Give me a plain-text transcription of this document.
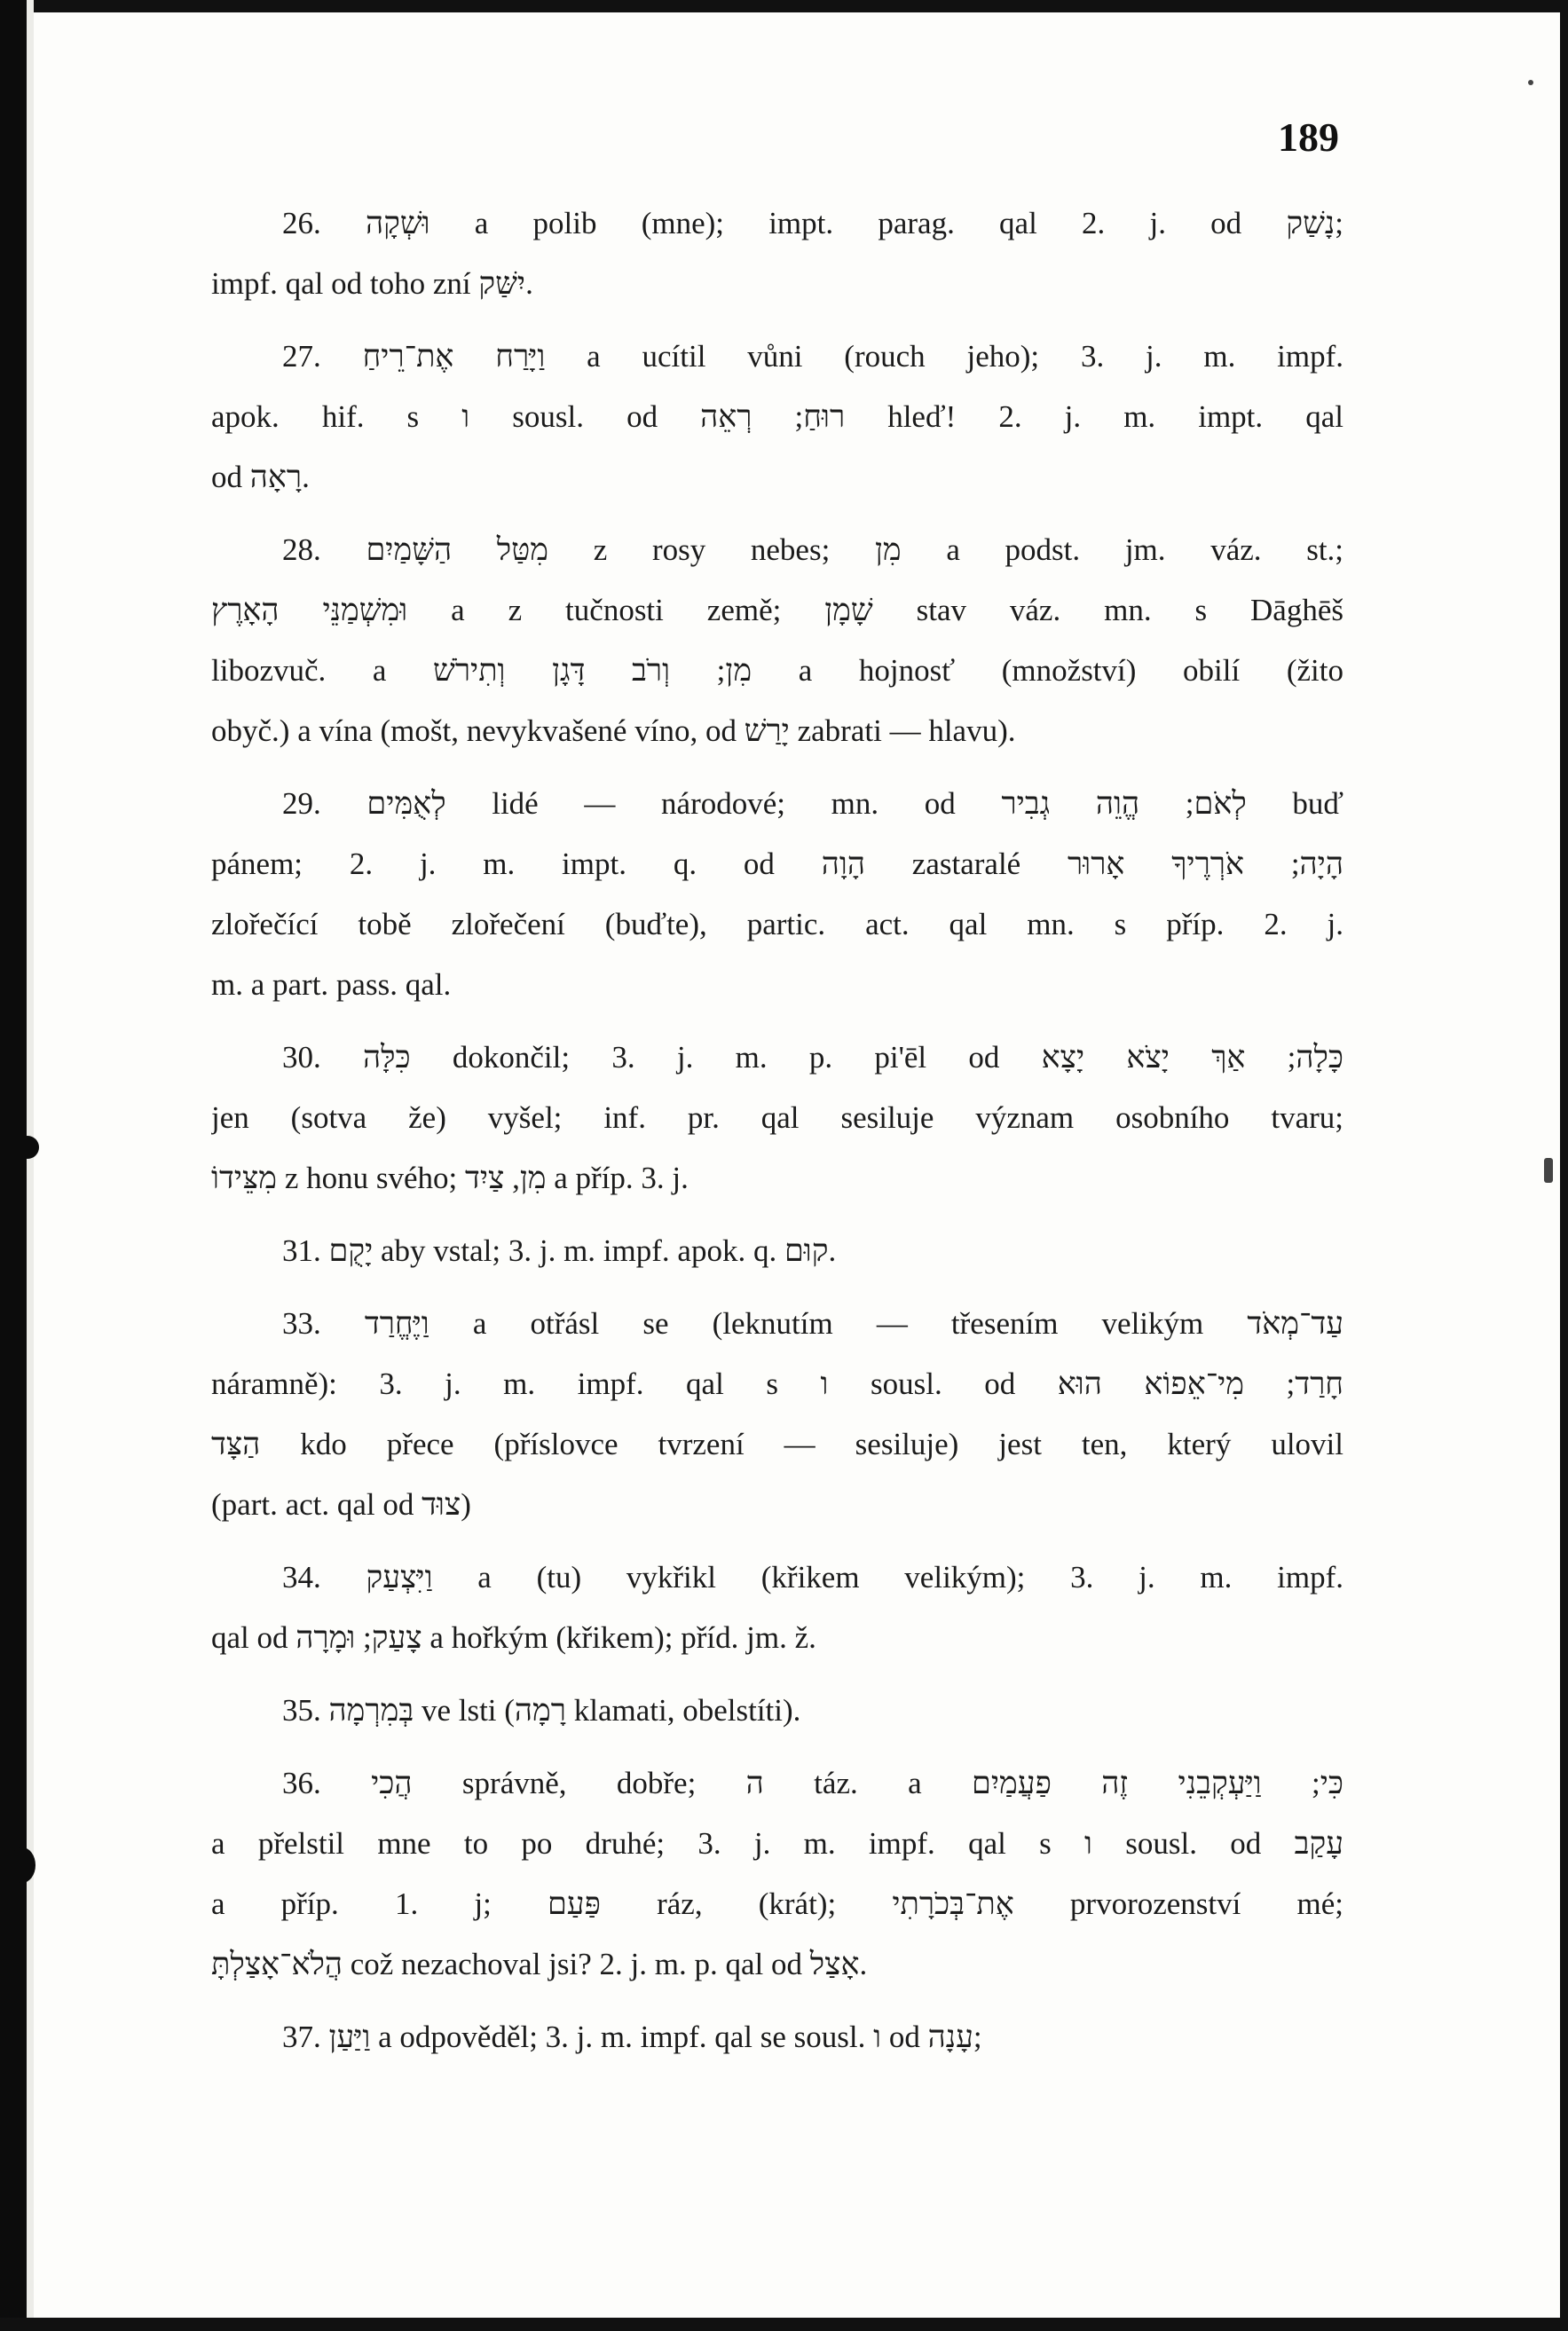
189
26. וּשְׁקָה a polib (mne); impt. parag. qal 2. j. od נָשַׁק;
impf. qal od toho zní יִשַּׁק.
27. וַיָּרַח אֶת־רֵיחַ a ucítil vůni (rouch jeho); 3. j. m. impf.
apok. hif. s ו sousl. od רוּחַ; רְאֵה hleď! 2. j. m. impt. qal
od רָאָה.
28. מִטַּל הַשָּׁמַיִם z rosy nebes; מִן a podst. jm. váz. st.;
וּמִשְׁמַנֵּי הָאָרֶץ a z tučnosti země; שָׁמָן stav váz. mn. s Dāghēš
libozvuč. a מִן; וְרֹב דָּגָן וְתִירֹשׁ a hojnosť (množství) obilí (žito
obyč.) a vína (mošt, nevykvašené víno, od יָרַשׁ zabrati — hlavu).
29. לְאֻמִּים lidé — národové; mn. od לְאֹם; הֱוֵה גְבִיר buď
pánem; 2. j. m. impt. q. od הָוָה zastaralé הָיָה; אֹרְרֶיךָ אָרוּר
zlořečící tobě zlořečení (buďte), partic. act. qal mn. s příp. 2. j.
m. a part. pass. qal.
30. כִּלָּה dokončil; 3. j. m. p. pi'ēl od כָּלָה; אַךְ יָצֹא יָצָא
jen (sotva že) vyšel; inf. pr. qal sesiluje význam osobního tvaru;
מִצֵּידוֹ z honu svého; מִן, צַיִד a příp. 3. j.
31. יָקֻם aby vstal; 3. j. m. impf. apok. q. קוּם.
33. וַיֶּחֱרַד a otřásl se (leknutím — třesením velikým עַד־מְאֹד
náramně): 3. j. m. impf. qal s ו sousl. od חָרַד; מִי־אֵפוֹא הוּא
הַצָּד kdo přece (příslovce tvrzení — sesiluje) jest ten, který ulovil
(part. act. qal od צוּד)
34. וַיִּצְעַק a (tu) vykřikl (křikem velikým); 3. j. m. impf.
qal od צָעַק; וּמָרָה a hořkým (křikem); příd. jm. ž.
35. בְּמִרְמָה ve lsti (רָמָה klamati, obelstíti).
36. הֲכִי správně, dobře; ה táz. a כִּי; וַיַּעְקְבֵנִי זֶה פַעֲמַיִם
a přelstil mne to po druhé; 3. j. m. impf. qal s ו sousl. od עָקַב
a příp. 1. j; פַּעַם ráz, (krát); אֶת־בְּכֹרָתִי prvorozenství mé;
הֲלֹא־אָצַלְתָּ což nezachoval jsi? 2. j. m. p. qal od אָצַל.
37. וַיַּעַן a odpověděl; 3. j. m. impf. qal se sousl. ו od עָנָה;
